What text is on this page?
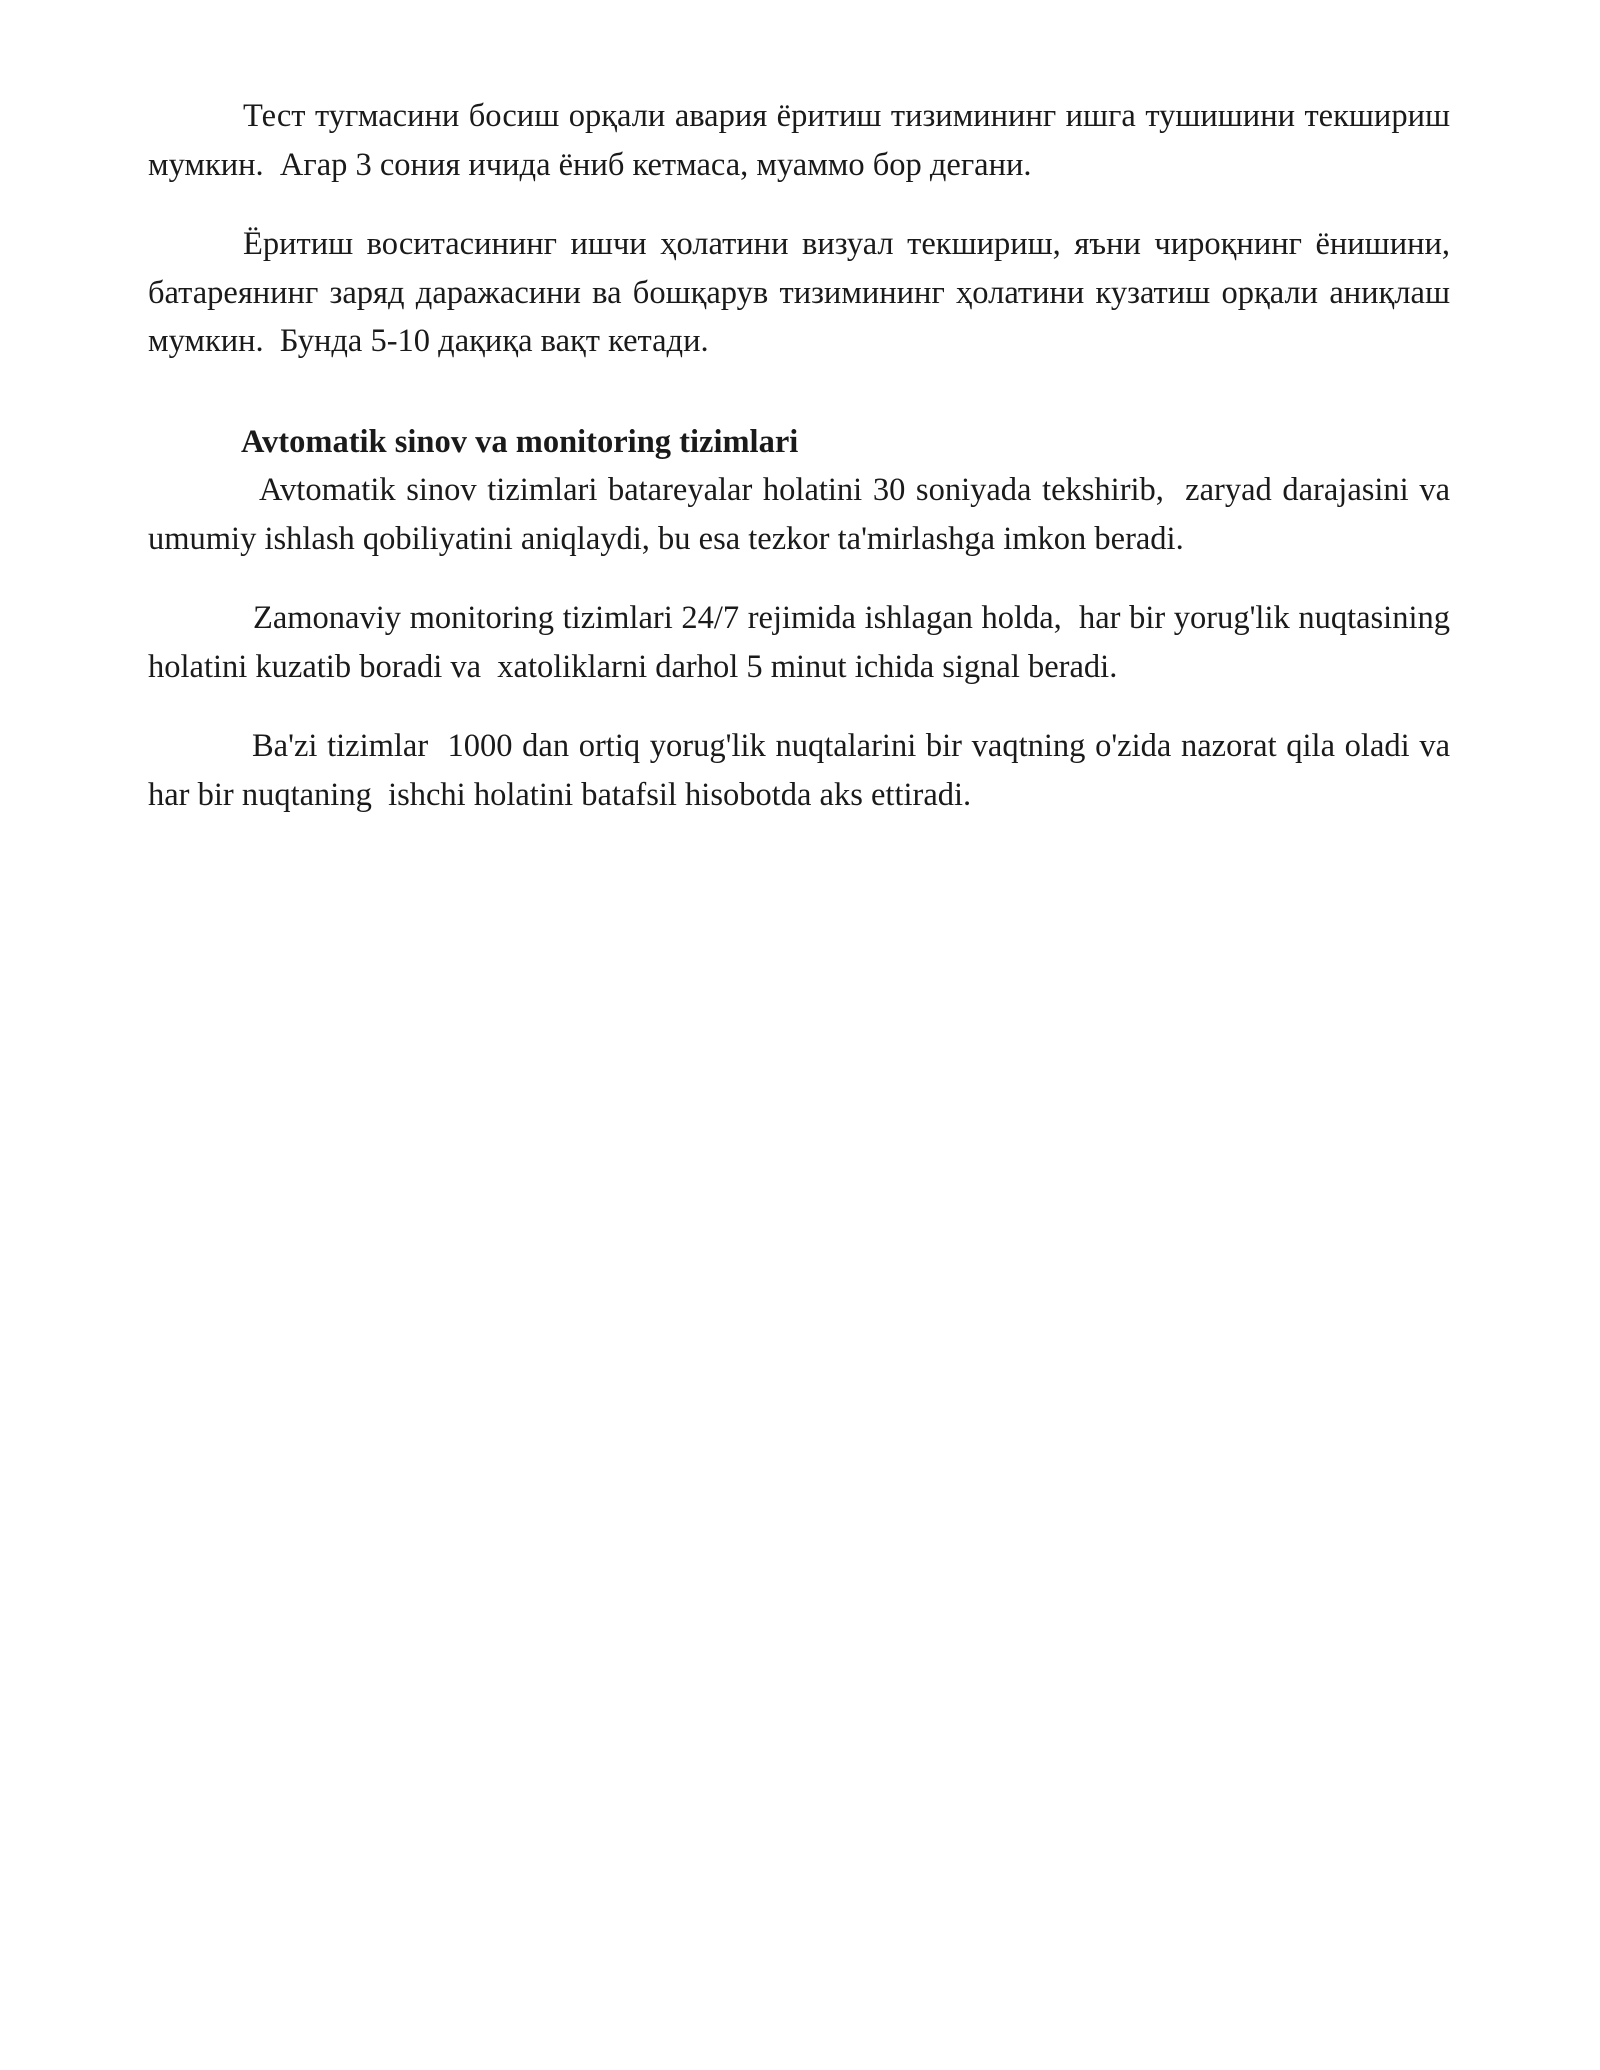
Тест тугмасини босиш орқали авария ёритиш тизимининг ишга тушишини текшириш мумкин.  Агар 3 сония ичида ёниб кетмаса, муаммо бор дегани.

Ёритиш воситасининг ишчи ҳолатини визуал текшириш, яъни чироқнинг ёнишини, батареянинг заряд даражасини ва бошқарув тизимининг ҳолатини кузатиш орқали аниқлаш мумкин.  Бунда 5-10 дақиқа вақт кетади.

Avtomatik sinov va monitoring tizimlari

Avtomatik sinov tizimlari batareyalar holatini 30 soniyada tekshirib,  zaryad darajasini va umumiy ishlash qobiliyatini aniqlaydi, bu esa tezkor ta'mirlashga imkon beradi.

Zamonaviy monitoring tizimlari 24/7 rejimida ishlagan holda,  har bir yorug'lik nuqtasining holatini kuzatib boradi va  xatoliklarni darhol 5 minut ichida signal beradi.

Ba'zi tizimlar  1000 dan ortiq yorug'lik nuqtalarini bir vaqtning o'zida nazorat qila oladi va  har bir nuqtaning  ishchi holatini batafsil hisobotda aks ettiradi.
